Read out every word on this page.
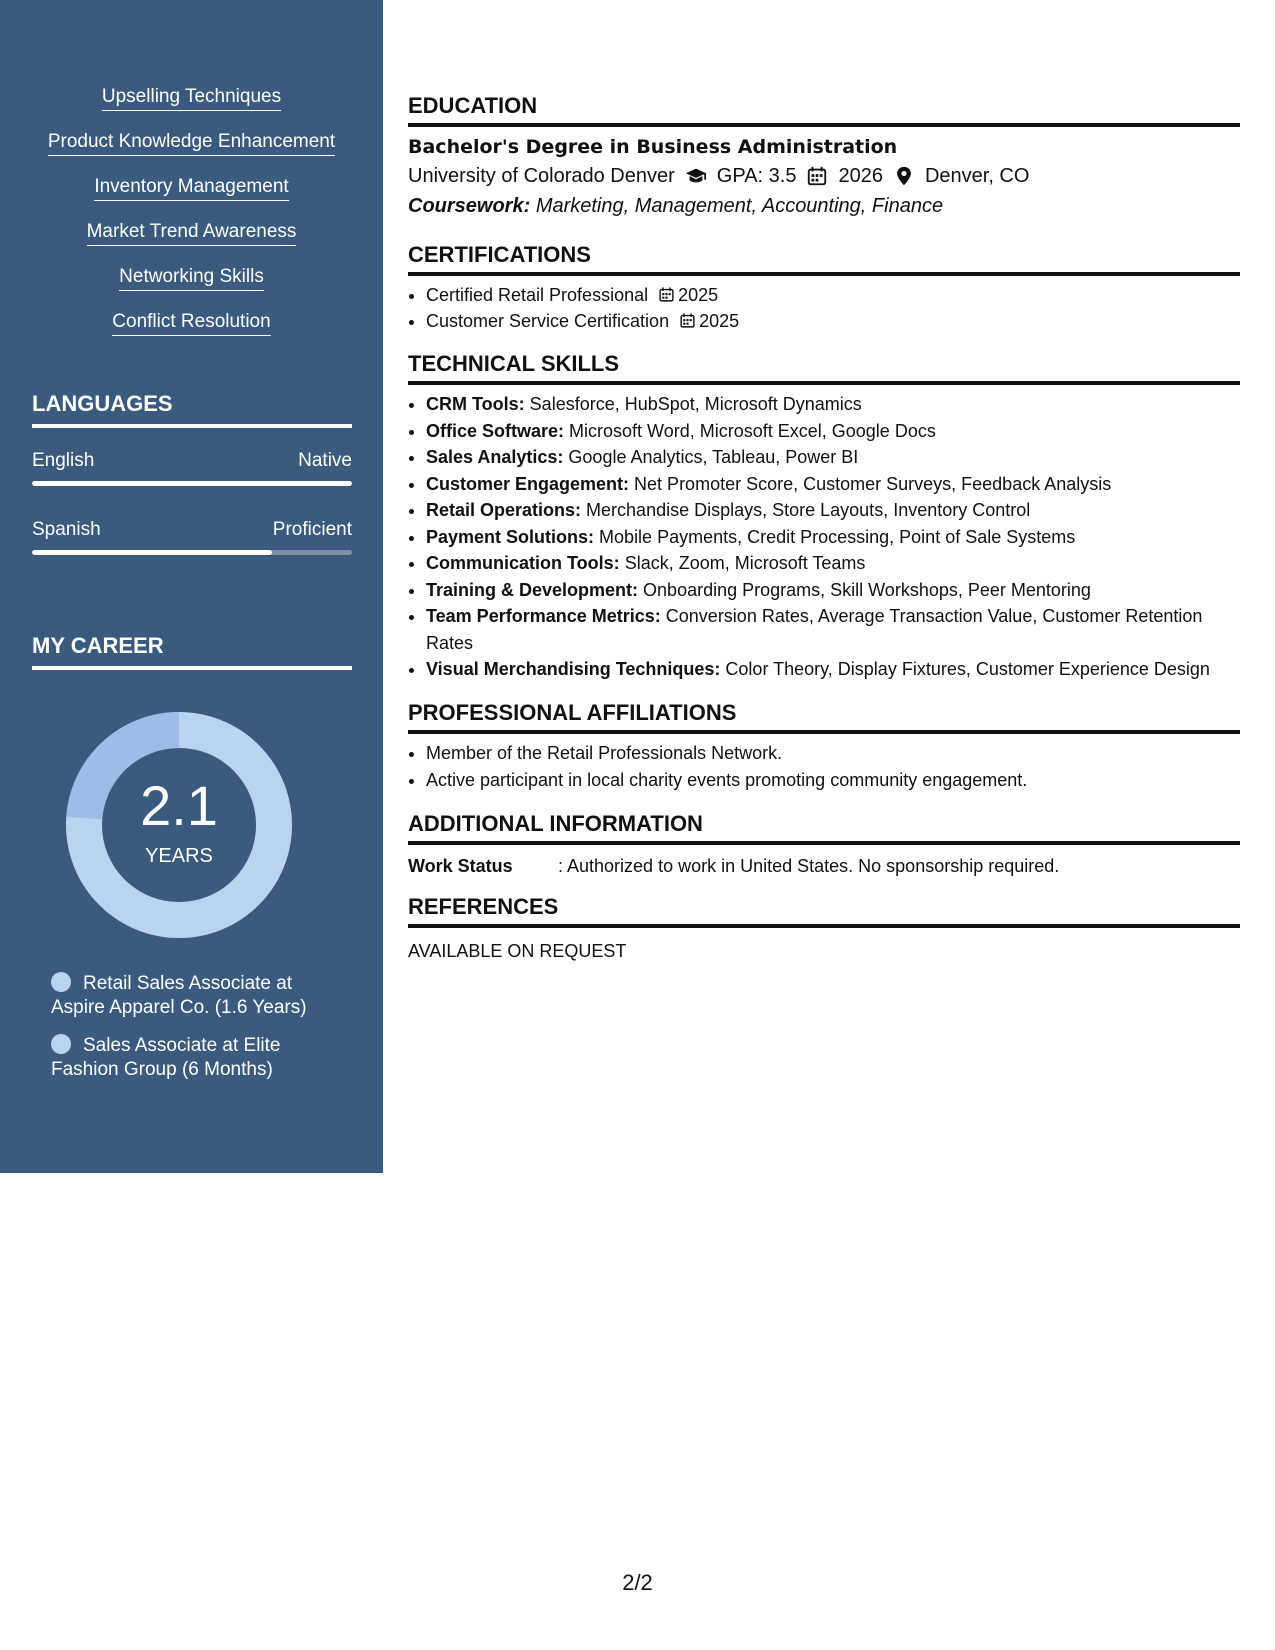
Upselling Techniques
Product Knowledge Enhancement
Inventory Management
Market Trend Awareness
Networking Skills
Conflict Resolution
LANGUAGES
English	Native
Spanish	Proficient
MY CAREER
2.1
YEARS
Retail Sales Associate at Aspire Apparel Co. (1.6 Years)
Sales Associate at Elite Fashion Group (6 Months)
EDUCATION
Bachelor's Degree in Business Administration
University of Colorado Denver GPA: 3.5 2026 Denver, CO
Coursework: Marketing, Management, Accounting, Finance
CERTIFICATIONS
• Certified Retail Professional 2025
• Customer Service Certification 2025
TECHNICAL SKILLS
• CRM Tools: Salesforce, HubSpot, Microsoft Dynamics
• Office Software: Microsoft Word, Microsoft Excel, Google Docs
• Sales Analytics: Google Analytics, Tableau, Power BI
• Customer Engagement: Net Promoter Score, Customer Surveys, Feedback Analysis
• Retail Operations: Merchandise Displays, Store Layouts, Inventory Control
• Payment Solutions: Mobile Payments, Credit Processing, Point of Sale Systems
• Communication Tools: Slack, Zoom, Microsoft Teams
• Training & Development: Onboarding Programs, Skill Workshops, Peer Mentoring
• Team Performance Metrics: Conversion Rates, Average Transaction Value, Customer Retention Rates
• Visual Merchandising Techniques: Color Theory, Display Fixtures, Customer Experience Design
PROFESSIONAL AFFILIATIONS
• Member of the Retail Professionals Network.
• Active participant in local charity events promoting community engagement.
ADDITIONAL INFORMATION
Work Status	: Authorized to work in United States. No sponsorship required.
REFERENCES
AVAILABLE ON REQUEST
2/2
